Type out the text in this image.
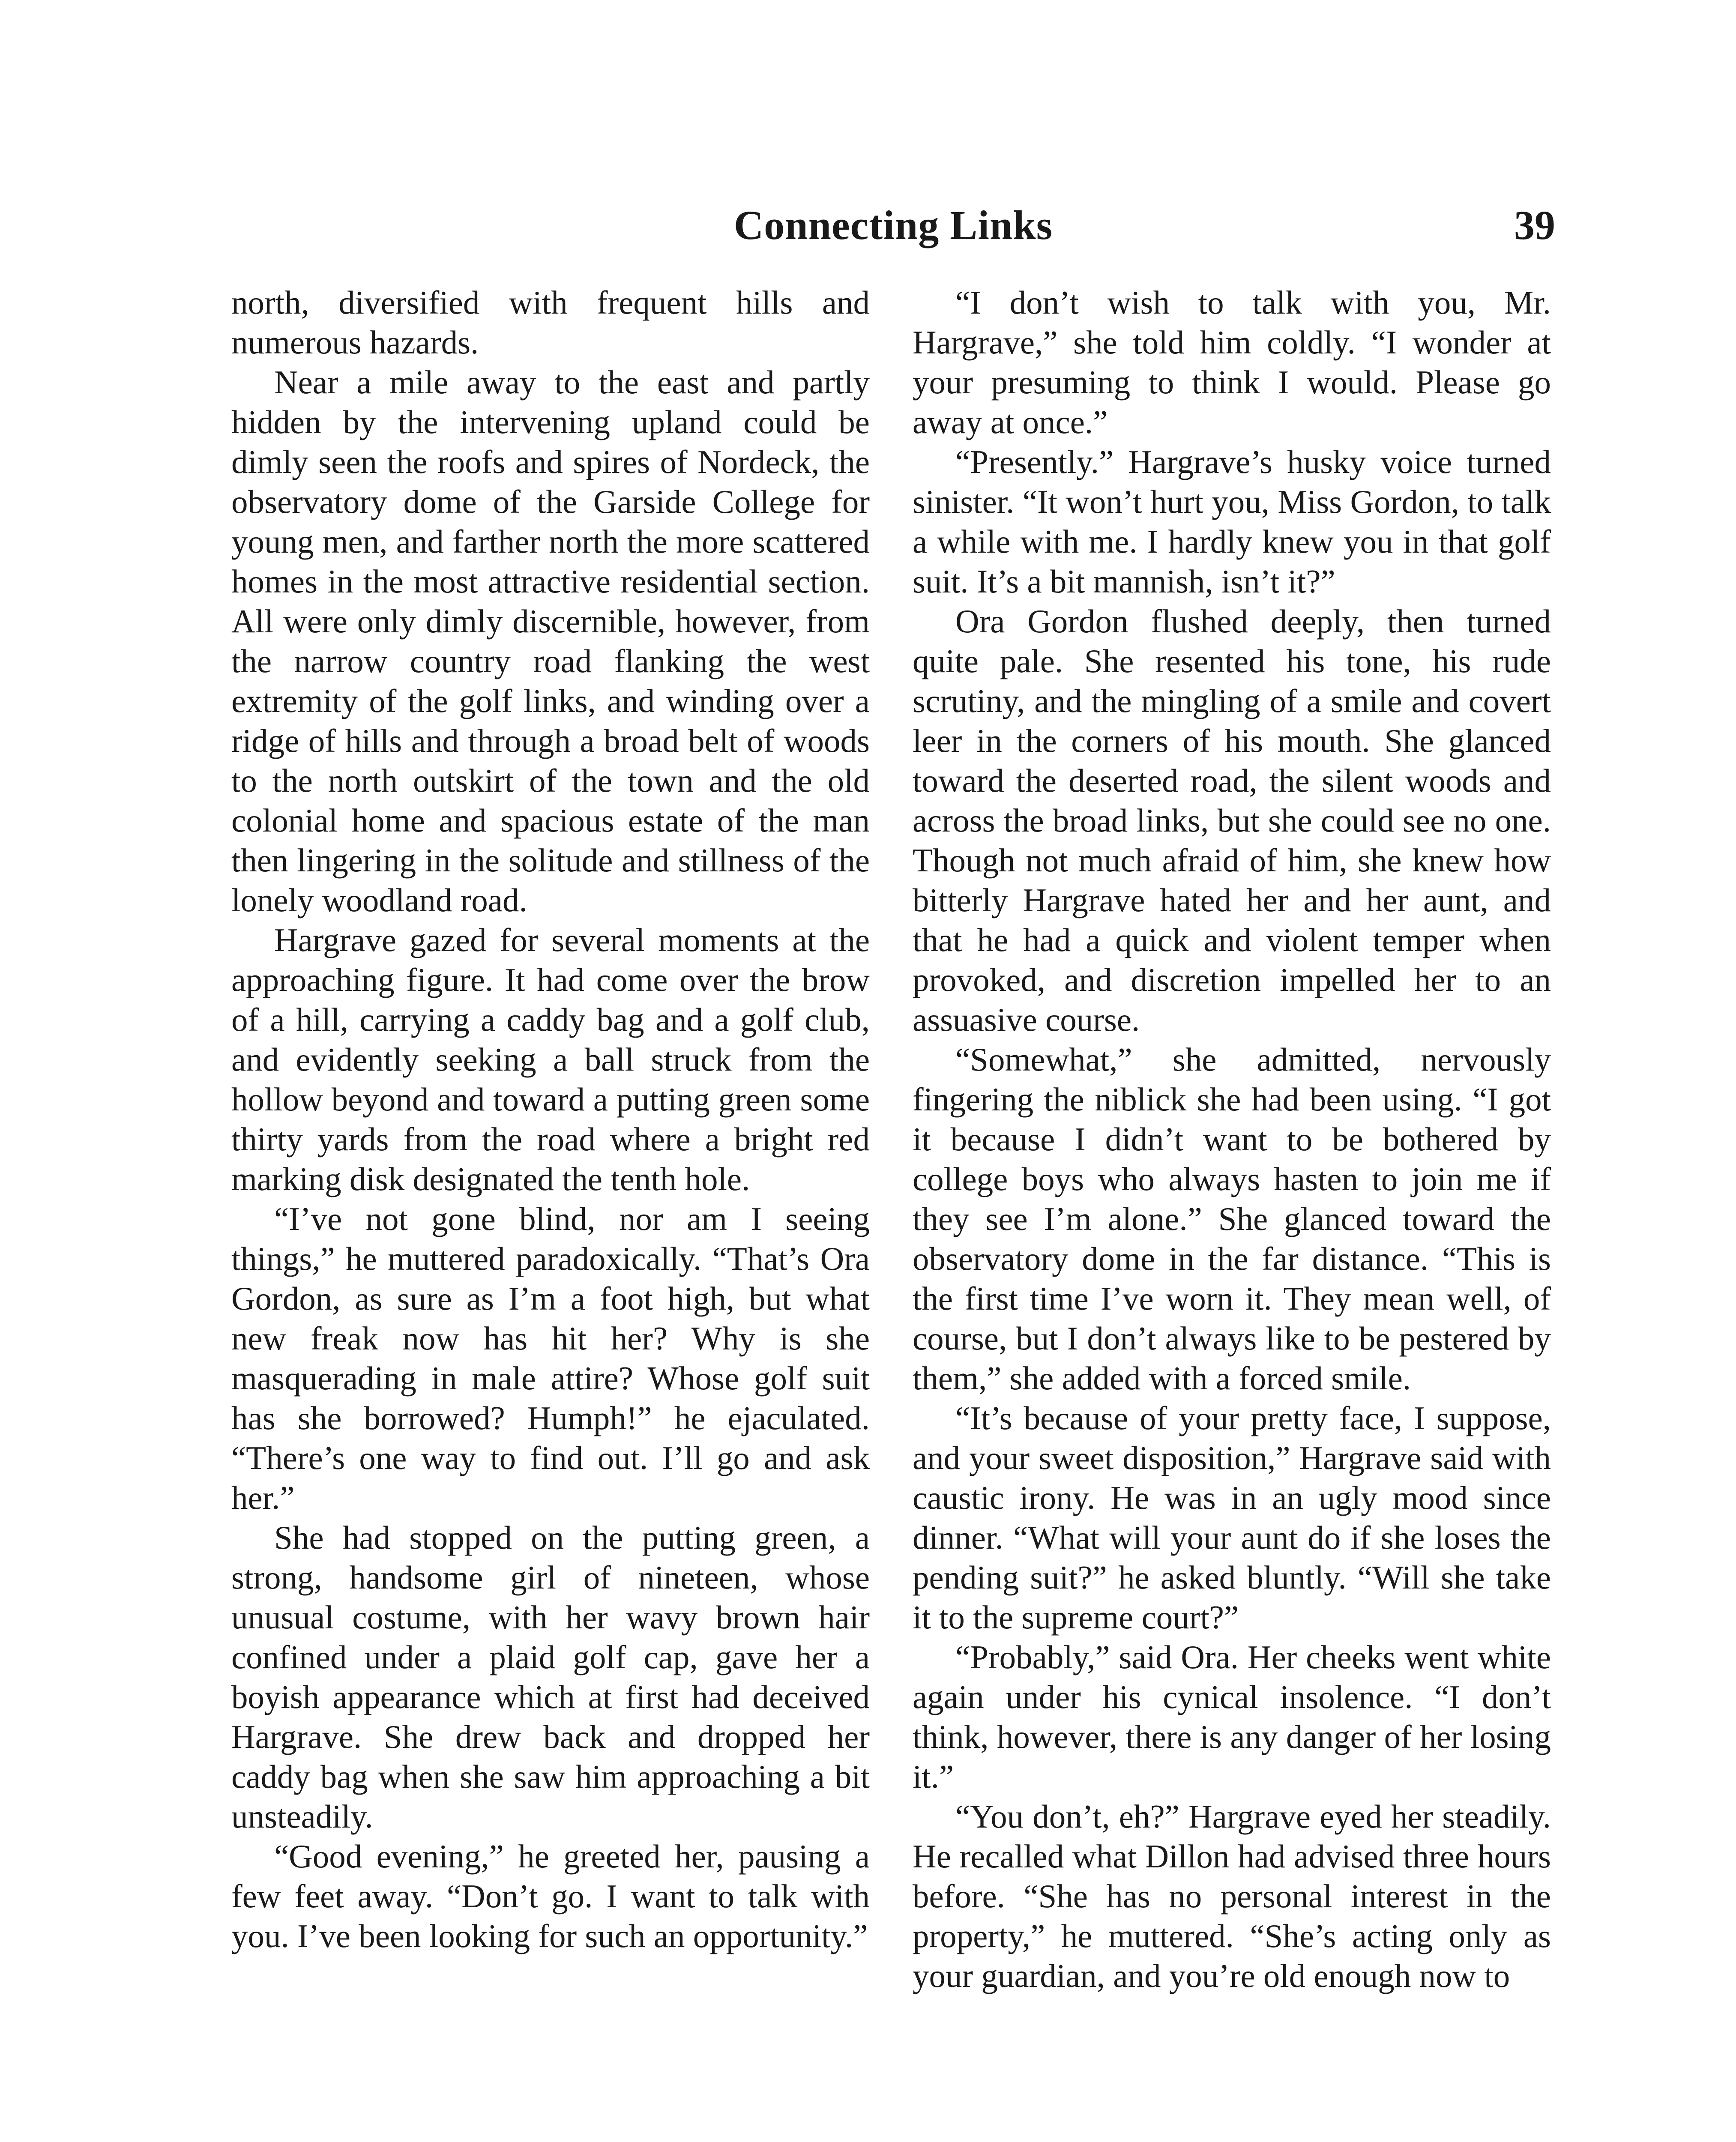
Connecting Links	39

north, diversified with frequent hills and numerous hazards.

Near a mile away to the east and partly hidden by the intervening upland could be dimly seen the roofs and spires of Nordeck, the observatory dome of the Garside College for young men, and farther north the more scattered homes in the most attractive residential section. All were only dimly discernible, however, from the narrow country road flanking the west extremity of the golf links, and winding over a ridge of hills and through a broad belt of woods to the north outskirt of the town and the old colonial home and spacious estate of the man then lingering in the solitude and stillness of the lonely woodland road.

Hargrave gazed for several moments at the approaching figure. It had come over the brow of a hill, carrying a caddy bag and a golf club, and evidently seeking a ball struck from the hollow beyond and toward a putting green some thirty yards from the road where a bright red marking disk designated the tenth hole.

“I’ve not gone blind, nor am I seeing things,” he muttered paradoxically. “That’s Ora Gordon, as sure as I’m a foot high, but what new freak now has hit her? Why is she masquerading in male attire? Whose golf suit has she borrowed? Humph!” he ejaculated. “There’s one way to find out. I’ll go and ask her.”

She had stopped on the putting green, a strong, handsome girl of nineteen, whose unusual costume, with her wavy brown hair confined under a plaid golf cap, gave her a boyish appearance which at first had deceived Hargrave. She drew back and dropped her caddy bag when she saw him approaching a bit unsteadily.

“Good evening,” he greeted her, pausing a few feet away. “Don’t go. I want to talk with you. I’ve been looking for such an opportunity.”

“I don’t wish to talk with you, Mr. Hargrave,” she told him coldly. “I wonder at your presuming to think I would. Please go away at once.”

“Presently.” Hargrave’s husky voice turned sinister. “It won’t hurt you, Miss Gordon, to talk a while with me. I hardly knew you in that golf suit. It’s a bit mannish, isn’t it?”

Ora Gordon flushed deeply, then turned quite pale. She resented his tone, his rude scrutiny, and the mingling of a smile and covert leer in the corners of his mouth. She glanced toward the deserted road, the silent woods and across the broad links, but she could see no one. Though not much afraid of him, she knew how bitterly Hargrave hated her and her aunt, and that he had a quick and violent temper when provoked, and discretion impelled her to an assuasive course.

“Somewhat,” she admitted, nervously fingering the niblick she had been using. “I got it because I didn’t want to be bothered by college boys who always hasten to join me if they see I’m alone.” She glanced toward the observatory dome in the far distance. “This is the first time I’ve worn it. They mean well, of course, but I don’t always like to be pestered by them,” she added with a forced smile.

“It’s because of your pretty face, I suppose, and your sweet disposition,” Hargrave said with caustic irony. He was in an ugly mood since dinner. “What will your aunt do if she loses the pending suit?” he asked bluntly. “Will she take it to the supreme court?”

“Probably,” said Ora. Her cheeks went white again under his cynical insolence. “I don’t think, however, there is any danger of her losing it.”

“You don’t, eh?” Hargrave eyed her steadily. He recalled what Dillon had advised three hours before. “She has no personal interest in the property,” he muttered. “She’s acting only as your guardian, and you’re old enough now to
